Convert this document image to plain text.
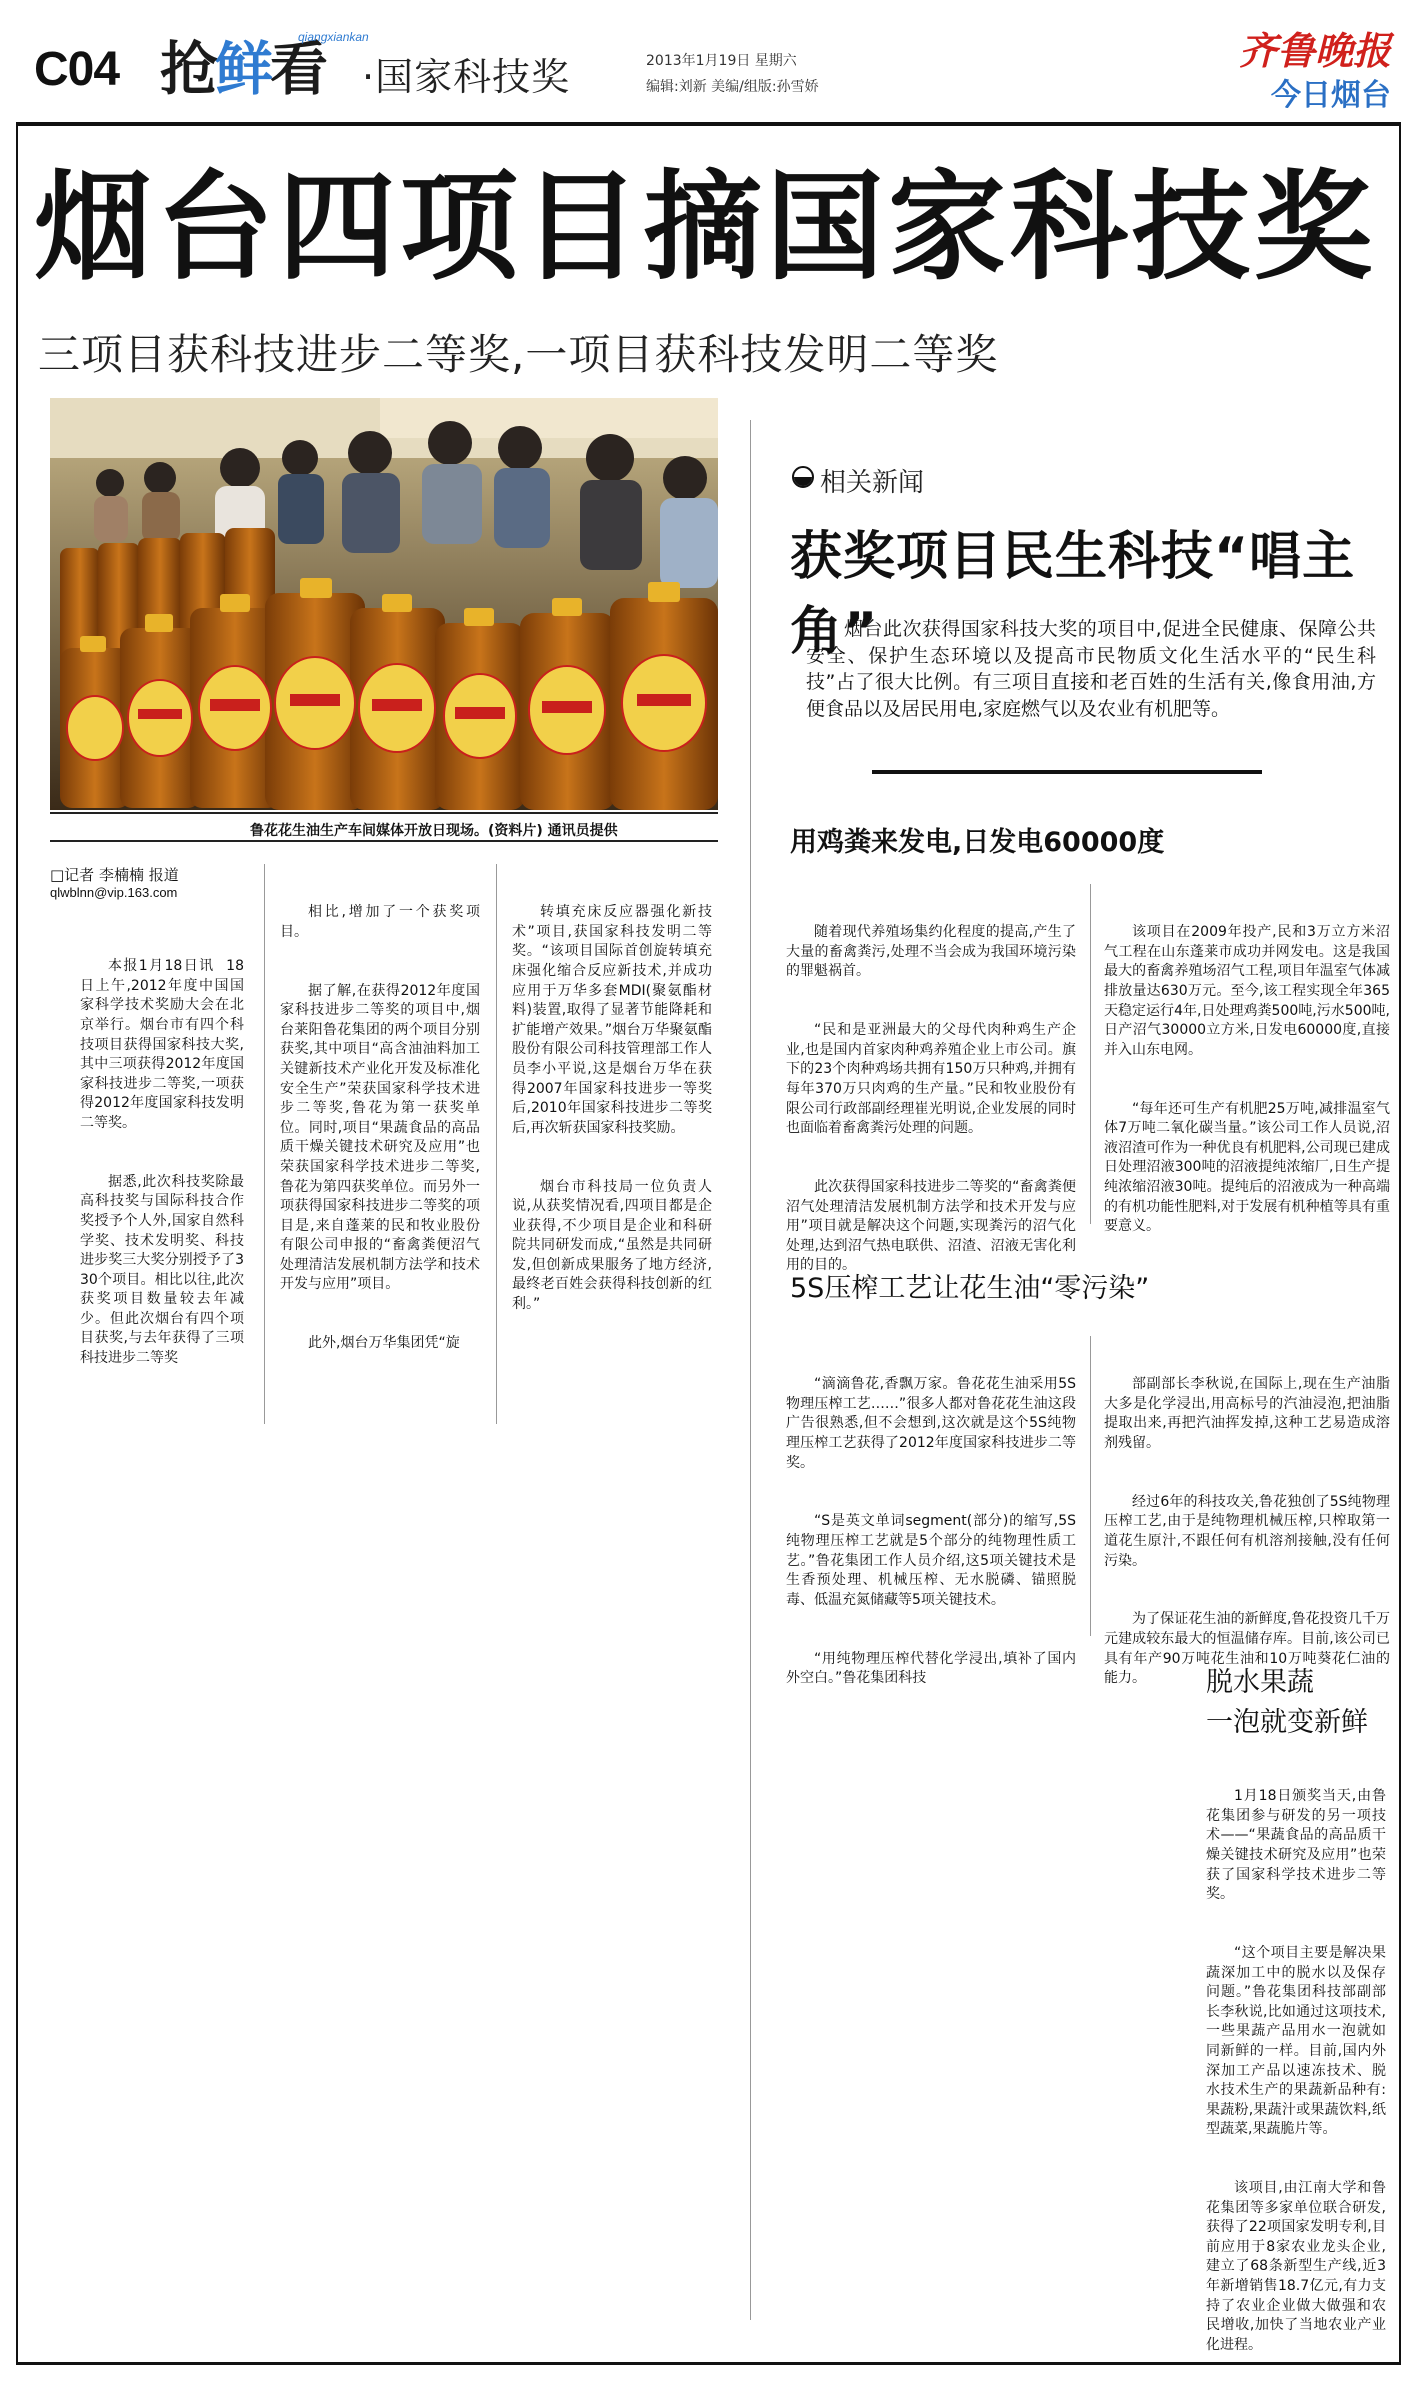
C04 抢鲜看
qiangxiankan
·国家科技奖	2013年1月19日 星期六
编辑:刘新 美编/组版:孙雪娇
齐鲁晚报
今日烟台
烟台四项目摘国家科技奖
三项目获科技进步二等奖,一项目获科技发明二等奖
鲁花花生油生产车间媒体开放日现场。(资料片) 通讯员提供
□记者 李楠楠 报道
qlwblnn@vip.163.com

本报1月18日讯  18日上午,2012年度中国国家科学技术奖励大会在北京举行。烟台市有四个科技项目获得国家科技大奖,其中三项获得2012年度国家科技进步二等奖,一项获得2012年度国家科技发明二等奖。

据悉,此次科技奖除最高科技奖与国际科技合作奖授予个人外,国家自然科学奖、技术发明奖、科技进步奖三大奖分别授予了330个项目。相比以往,此次获奖项目数量较去年减少。但此次烟台有四个项目获奖,与去年获得了三项科技进步二等奖

相比,增加了一个获奖项目。

据了解,在获得2012年度国家科技进步二等奖的项目中,烟台莱阳鲁花集团的两个项目分别获奖,其中项目“高含油油料加工关键新技术产业化开发及标准化安全生产”荣获国家科学技术进步二等奖,鲁花为第一获奖单位。同时,项目“果蔬食品的高品质干燥关键技术研究及应用”也荣获国家科学技术进步二等奖,鲁花为第四获奖单位。而另外一项获得国家科技进步二等奖的项目是,来自蓬莱的民和牧业股份有限公司申报的“畜禽粪便沼气处理清洁发展机制方法学和技术开发与应用”项目。

此外,烟台万华集团凭“旋

转填充床反应器强化新技术”项目,获国家科技发明二等奖。“该项目国际首创旋转填充床强化缩合反应新技术,并成功应用于万华多套MDI(聚氨酯材料)装置,取得了显著节能降耗和扩能增产效果。”烟台万华聚氨酯股份有限公司科技管理部工作人员李小平说,这是烟台万华在获得2007年国家科技进步一等奖后,2010年国家科技进步二等奖后,再次斩获国家科技奖励。

烟台市科技局一位负责人说,从获奖情况看,四项目都是企业获得,不少项目是企业和科研院共同研发而成,“虽然是共同研发,但创新成果服务了地方经济,最终老百姓会获得科技创新的红利。”

相关新闻
获奖项目民生科技“唱主角”

烟台此次获得国家科技大奖的项目中,促进全民健康、保障公共安全、保护生态环境以及提高市民物质文化生活水平的“民生科技”占了很大比例。有三项目直接和老百姓的生活有关,像食用油,方便食品以及居民用电,家庭燃气以及农业有机肥等。

用鸡粪来发电,日发电60000度

随着现代养殖场集约化程度的提高,产生了大量的畜禽粪污,处理不当会成为我国环境污染的罪魁祸首。

“民和是亚洲最大的父母代肉种鸡生产企业,也是国内首家肉种鸡养殖企业上市公司。旗下的23个肉种鸡场共拥有150万只种鸡,并拥有每年370万只肉鸡的生产量。”民和牧业股份有限公司行政部副经理崔光明说,企业发展的同时也面临着畜禽粪污处理的问题。

此次获得国家科技进步二等奖的“畜禽粪便沼气处理清洁发展机制方法学和技术开发与应用”项目就是解决这个问题,实现粪污的沼气化处理,达到沼气热电联供、沼渣、沼液无害化利用的目的。

该项目在2009年投产,民和3万立方米沼气工程在山东蓬莱市成功并网发电。这是我国最大的畜禽养殖场沼气工程,项目年温室气体减排放量达630万元。至今,该工程实现全年365天稳定运行4年,日处理鸡粪500吨,污水500吨,日产沼气30000立方米,日发电60000度,直接并入山东电网。

“每年还可生产有机肥25万吨,减排温室气体7万吨二氧化碳当量。”该公司工作人员说,沼液沼渣可作为一种优良有机肥料,公司现已建成日处理沼液300吨的沼液提纯浓缩厂,日生产提纯浓缩沼液30吨。提纯后的沼液成为一种高端的有机功能性肥料,对于发展有机种植等具有重要意义。

5S压榨工艺让花生油“零污染”

“滴滴鲁花,香飘万家。鲁花花生油采用5S物理压榨工艺……”很多人都对鲁花花生油这段广告很熟悉,但不会想到,这次就是这个5S纯物理压榨工艺获得了2012年度国家科技进步二等奖。

“S是英文单词segment(部分)的缩写,5S纯物理压榨工艺就是5个部分的纯物理性质工艺。”鲁花集团工作人员介绍,这5项关键技术是生香预处理、机械压榨、无水脱磷、锚照脱毒、低温充氮储藏等5项关键技术。

“用纯物理压榨代替化学浸出,填补了国内外空白。”鲁花集团科技

部副部长李秋说,在国际上,现在生产油脂大多是化学浸出,用高标号的汽油浸泡,把油脂提取出来,再把汽油挥发掉,这种工艺易造成溶剂残留。

经过6年的科技攻关,鲁花独创了5S纯物理压榨工艺,由于是纯物理机械压榨,只榨取第一道花生原汁,不跟任何有机溶剂接触,没有任何污染。

为了保证花生油的新鲜度,鲁花投资几千万元建成较东最大的恒温储存库。目前,该公司已具有年产90万吨花生油和10万吨葵花仁油的能力。	脱水果蔬
一泡就变新鲜

1月18日颁奖当天,由鲁花集团参与研发的另一项技术——“果蔬食品的高品质干燥关键技术研究及应用”也荣获了国家科学技术进步二等奖。

“这个项目主要是解决果蔬深加工中的脱水以及保存问题。”鲁花集团科技部副部长李秋说,比如通过这项技术,一些果蔬产品用水一泡就如同新鲜的一样。目前,国内外深加工产品以速冻技术、脱水技术生产的果蔬新品种有:果蔬粉,果蔬汁或果蔬饮料,纸型蔬菜,果蔬脆片等。

该项目,由江南大学和鲁花集团等多家单位联合研发,获得了22项国家发明专利,目前应用于8家农业龙头企业,建立了68条新型生产线,近3年新增销售18.7亿元,有力支持了农业企业做大做强和农民增收,加快了当地农业产业化进程。
